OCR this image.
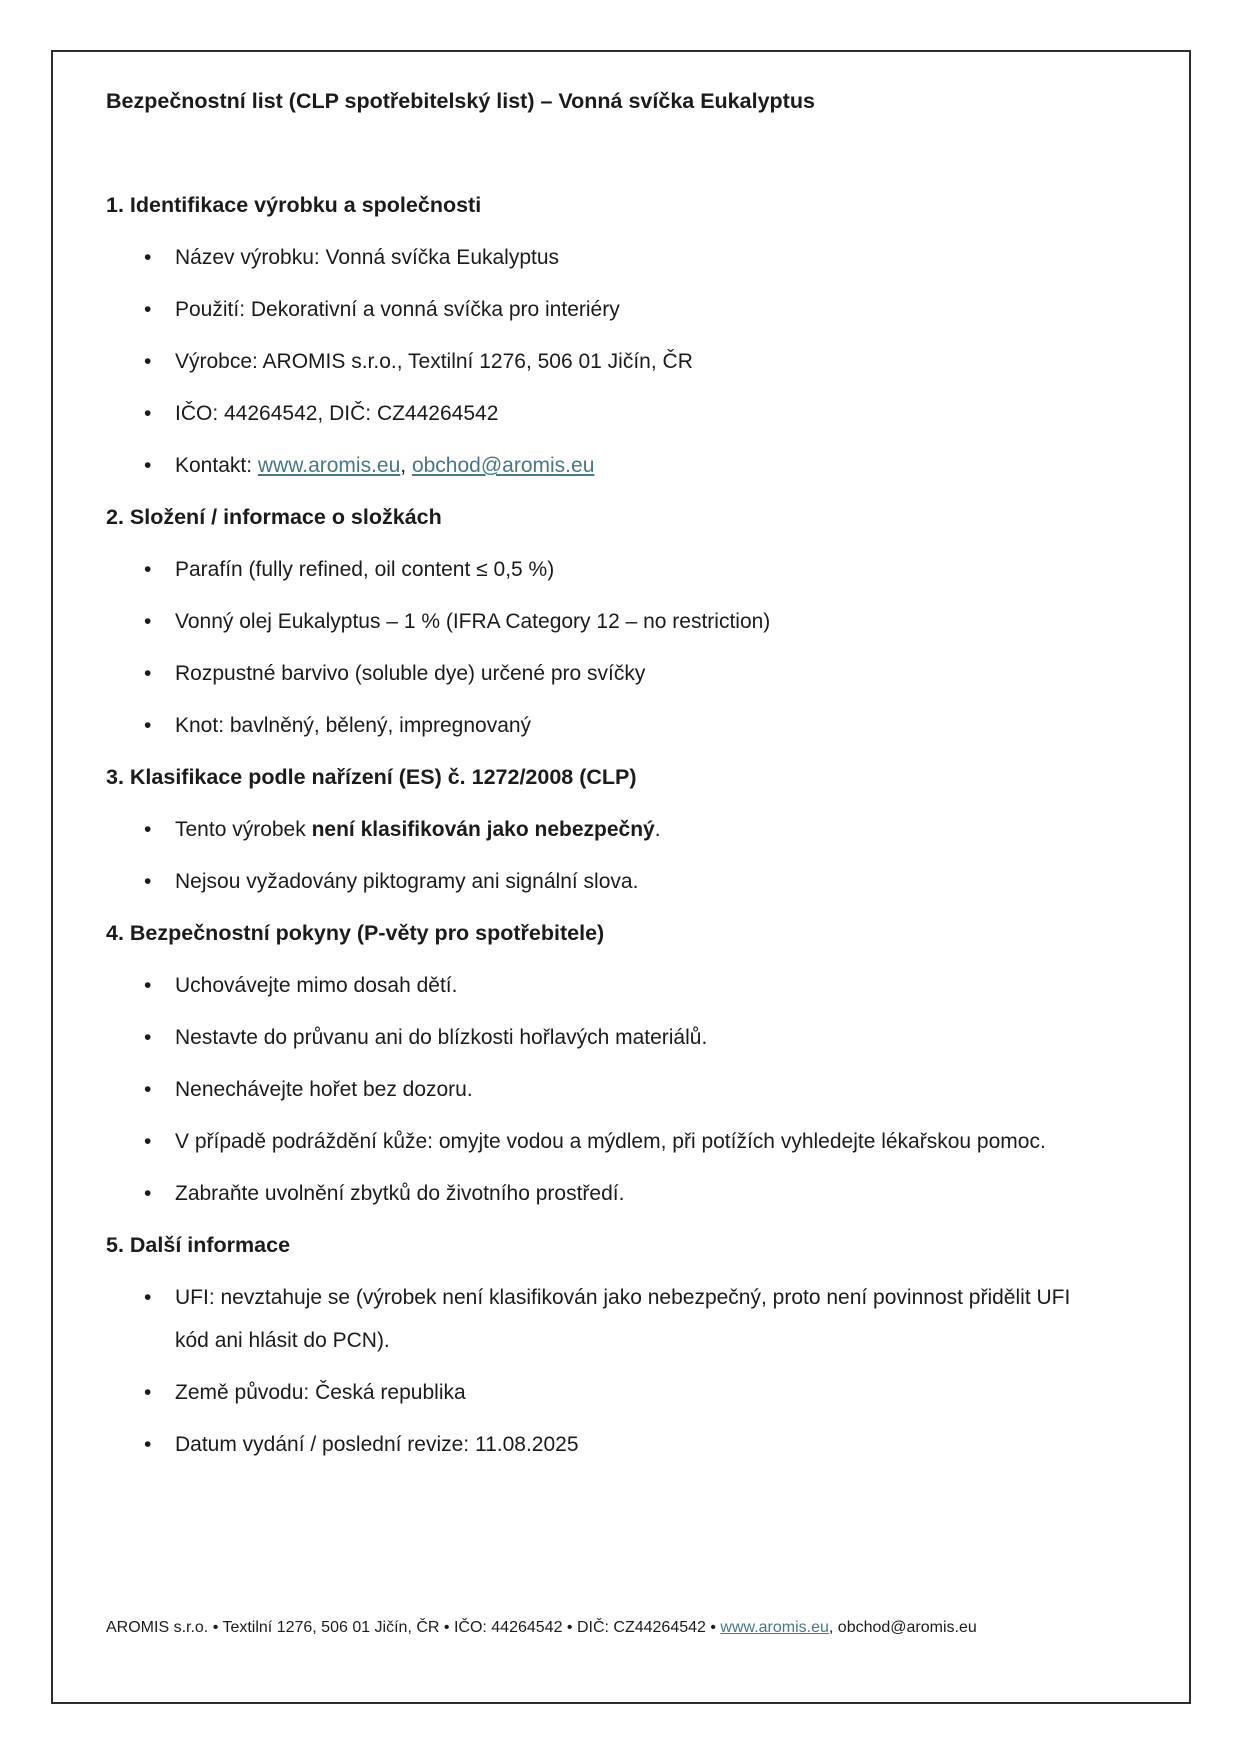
Bezpečnostní list (CLP spotřebitelský list) – Vonná svíčka Eukalyptus
1. Identifikace výrobku a společnosti
• Název výrobku: Vonná svíčka Eukalyptus
• Použití: Dekorativní a vonná svíčka pro interiéry
• Výrobce: AROMIS s.r.o., Textilní 1276, 506 01 Jičín, ČR
• IČO: 44264542, DIČ: CZ44264542
• Kontakt: www.aromis.eu, obchod@aromis.eu
2. Složení / informace o složkách
• Parafín (fully refined, oil content ≤ 0,5 %)
• Vonný olej Eukalyptus – 1 % (IFRA Category 12 – no restriction)
• Rozpustné barvivo (soluble dye) určené pro svíčky
• Knot: bavlněný, bělený, impregnovaný
3. Klasifikace podle nařízení (ES) č. 1272/2008 (CLP)
• Tento výrobek není klasifikován jako nebezpečný.
• Nejsou vyžadovány piktogramy ani signální slova.
4. Bezpečnostní pokyny (P-věty pro spotřebitele)
• Uchovávejte mimo dosah dětí.
• Nestavte do průvanu ani do blízkosti hořlavých materiálů.
• Nenechávejte hořet bez dozoru.
• V případě podráždění kůže: omyjte vodou a mýdlem, při potížích vyhledejte lékařskou pomoc.
• Zabraňte uvolnění zbytků do životního prostředí.
5. Další informace
• UFI: nevztahuje se (výrobek není klasifikován jako nebezpečný, proto není povinnost přidělit UFI kód ani hlásit do PCN).
• Země původu: Česká republika
• Datum vydání / poslední revize: 11.08.2025
AROMIS s.r.o. • Textilní 1276, 506 01 Jičín, ČR • IČO: 44264542 • DIČ: CZ44264542 • www.aromis.eu, obchod@aromis.eu
